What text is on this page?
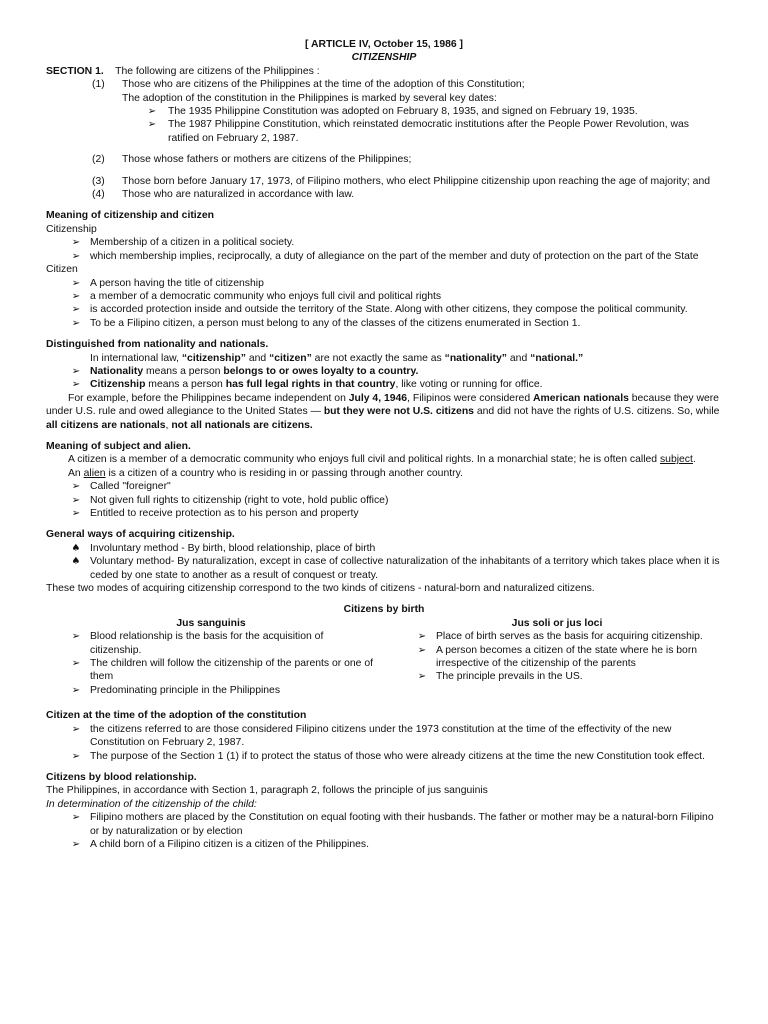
[ ARTICLE IV, October 15, 1986 ]
CITIZENSHIP
SECTION 1. The following are citizens of the Philippines :
(1) Those who are citizens of the Philippines at the time of the adoption of this Constitution;
The adoption of the constitution in the Philippines is marked by several key dates:
➢	The 1935 Philippine Constitution was adopted on February 8, 1935, and signed on February 19, 1935.
➢	The 1987 Philippine Constitution, which reinstated democratic institutions after the People Power Revolution, was ratified on February 2, 1987.
(2) Those whose fathers or mothers are citizens of the Philippines;
(3) Those born before January 17, 1973, of Filipino mothers, who elect Philippine citizenship upon reaching the age of majority; and
(4) Those who are naturalized in accordance with law.
Meaning of citizenship and citizen
Citizenship
➢ Membership of a citizen in a political society.
➢ which membership implies, reciprocally, a duty of allegiance on the part of the member and duty of protection on the part of the State
Citizen
➢ A person having the title of citizenship
➢ a member of a democratic community who enjoys full civil and political rights
➢ is accorded protection inside and outside the territory of the State. Along with other citizens, they compose the political community.
➢ To be a Filipino citizen, a person must belong to any of the classes of the citizens enumerated in Section 1.
Distinguished from nationality and nationals.
In international law, “citizenship” and “citizen” are not exactly the same as “nationality” and “national.”
➢ Nationality means a person belongs to or owes loyalty to a country.
➢ Citizenship means a person has full legal rights in that country, like voting or running for office.
For example, before the Philippines became independent on July 4, 1946, Filipinos were considered American nationals because they were under U.S. rule and owed allegiance to the United States — but they were not U.S. citizens and did not have the rights of U.S. citizens. So, while all citizens are nationals, not all nationals are citizens.
Meaning of subject and alien.
A citizen is a member of a democratic community who enjoys full civil and political rights. In a monarchial state; he is often called subject.
An alien is a citizen of a country who is residing in or passing through another country.
➢ Called "foreigner"
➢ Not given full rights to citizenship (right to vote, hold public office)
➢ Entitled to receive protection as to his person and property
General ways of acquiring citizenship.
♠ Involuntary method - By birth, blood relationship, place of birth
♠ Voluntary method- By naturalization, except in case of collective naturalization of the inhabitants of a territory which takes place when it is ceded by one state to another as a result of conquest or treaty.
These two modes of acquiring citizenship correspond to the two kinds of citizens - natural-born and naturalized citizens.
Citizens by birth
Jus sanguinis
➢ Blood relationship is the basis for the acquisition of citizenship.
➢ The children will follow the citizenship of the parents or one of them
➢ Predominating principle in the Philippines
Jus soli or jus loci
➢ Place of birth serves as the basis for acquiring citizenship.
➢ A person becomes a citizen of the state where he is born irrespective of the citizenship of the parents
➢ The principle prevails in the US.
Citizen at the time of the adoption of the constitution
➢ the citizens referred to are those considered Filipino citizens under the 1973 constitution at the time of the effectivity of the new Constitution on February 2, 1987.
➢ The purpose of the Section 1 (1) if to protect the status of those who were already citizens at the time the new Constitution took effect.
Citizens by blood relationship.
The Philippines, in accordance with Section 1, paragraph 2, follows the principle of jus sanguinis
In determination of the citizenship of the child:
➢ Filipino mothers are placed by the Constitution on equal footing with their husbands. The father or mother may be a natural-born Filipino or by naturalization or by election
➢ A child born of a Filipino citizen is a citizen of the Philippines.
